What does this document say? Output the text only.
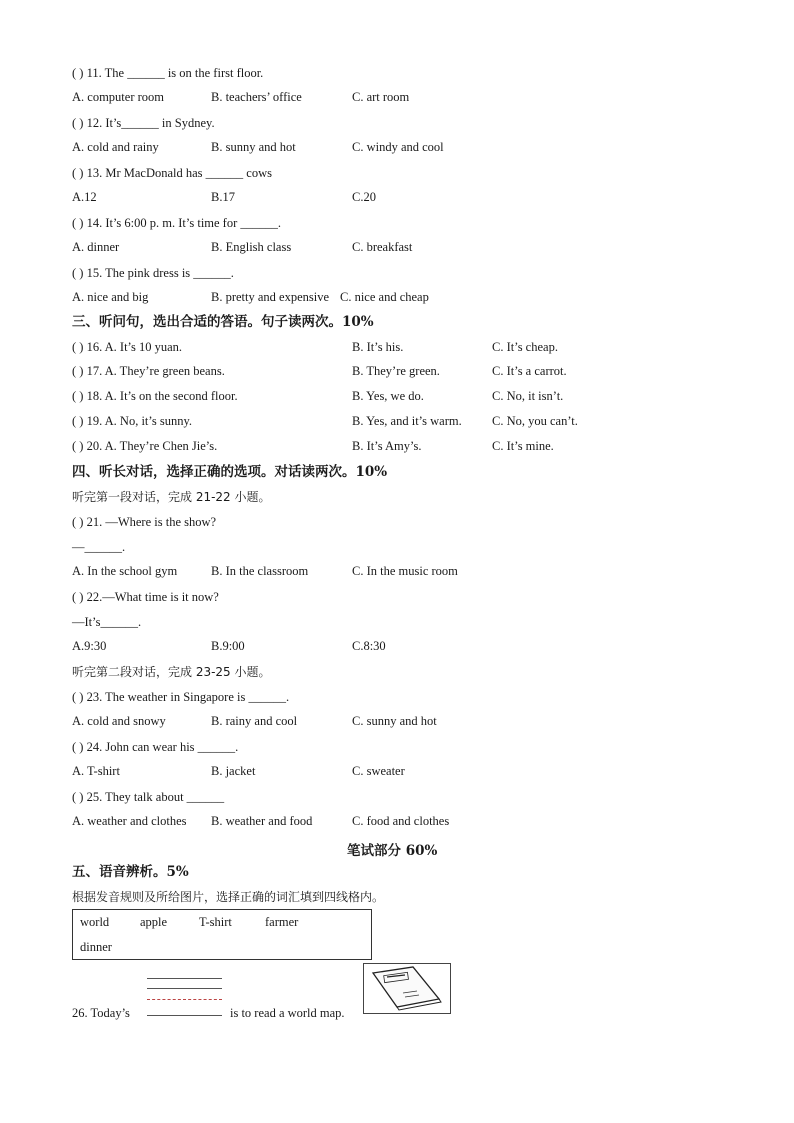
( ) 11. The ______ is on the first floor.
A. computer room	B. teachers’ office	C. art room
( ) 12. It’s______ in Sydney.
A. cold and rainy	B. sunny and hot	C. windy and cool
( ) 13. Mr MacDonald has ______ cows
A.12	B.17	C.20
( ) 14. It’s 6:00 p. m. It’s time for ______.
A. dinner	B. English class	C. breakfast
( ) 15. The pink dress is ______.
A. nice and big	B. pretty and expensive C. nice and cheap
三、听问句，选出合适的答语。句子读两次。10%
( ) 16. A. It’s 10 yuan.	B. It’s his.	C. It’s cheap.
( ) 17. A. They’re green beans.	B. They’re green.	C. It’s a carrot.
( ) 18. A. It’s on the second floor.	B. Yes, we do.	C. No, it isn’t.
( ) 19. A. No, it’s sunny.	B. Yes, and it’s warm. C. No, you can’t.
( ) 20. A. They’re Chen Jie’s.	B. It’s Amy’s.	C. It’s mine.
四、听长对话，选择正确的选项。对话读两次。10%
听完第一段对话，完成 21-22 小题。
( ) 21. —Where is the show?
—______.
A. In the school gym	B. In the classroom	C. In the music room
( ) 22.—What time is it now?
—It’s______.
A.9:30	B.9:00	C.8:30
听完第二段对话，完成 23-25 小题。
( ) 23. The weather in Singapore is ______.
A. cold and snowy	B. rainy and cool	C. sunny and hot
( ) 24. John can wear his ______.
A. T-shirt	B. jacket	C. sweater
( ) 25. They talk about ______
A. weather and clothes B. weather and food	C. food and clothes
笔试部分 60%
五、语音辨析。5%
根据发音规则及所给图片，选择正确的词汇填到四线格内。
world apple	T-shirt	farmer
dinner
26. Today’s	is to read a world map.
